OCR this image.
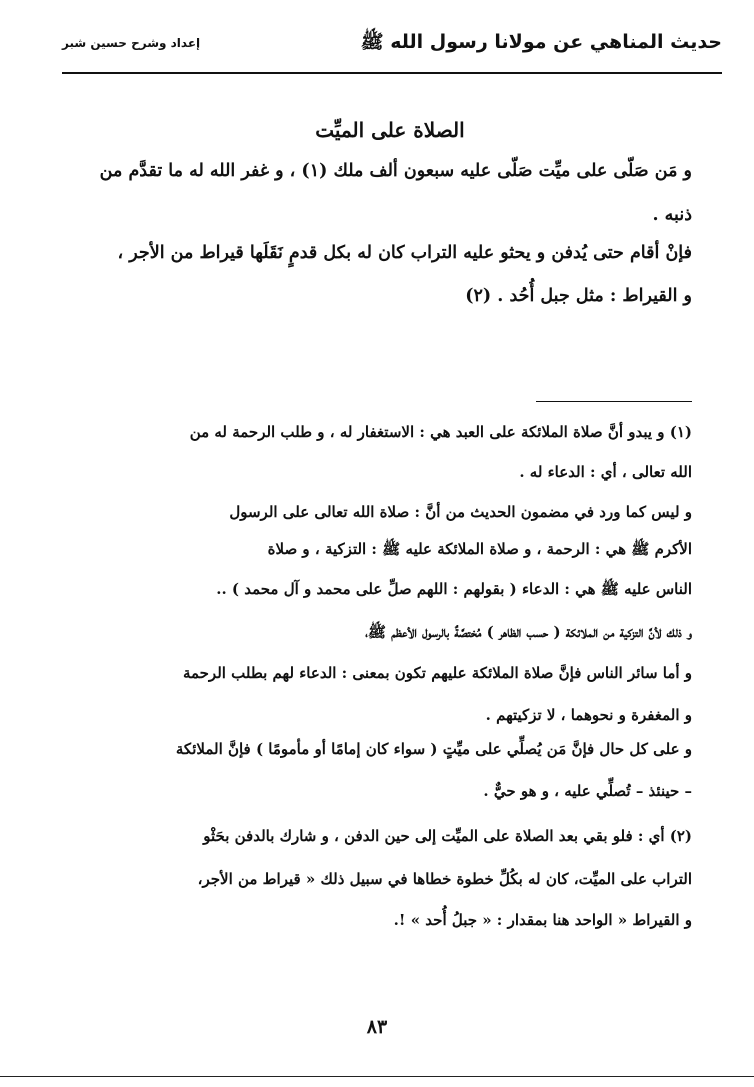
حديث المناهي عن مولانا رسول الله ﷺ
إعداد وشرح حسين شبر
الصلاة على الميِّت
و مَن صَلّى على ميِّت صَلّى عليه سبعون ألف ملك (١) ، و غفر الله له ما تقدَّم من
ذنبه .
فإنْ أقام حتى يُدفن و يحثو عليه التراب كان له بكل قدمٍ نَقَلَها قيراط من الأجر ،
و القيراط : مثل جبل أُحُد . (٢)
(١) و يبدو أنَّ صلاة الملائكة على العبد هي : الاستغفار له ، و طلب الرحمة له من
الله تعالى ، أي : الدعاء له .
و ليس كما ورد في مضمون الحديث من أنَّ : صلاة الله تعالى على الرسول
الأكرم ﷺ هي : الرحمة ، و صلاة الملائكة عليه ﷺ : التزكية ، و صلاة
الناس عليه ﷺ هي : الدعاء ( بقولهم : اللهم صلِّ على محمد و آل محمد ) ..
و ذلك لأنَّ التزكية من الملائكة ( حسب الظاهر ) مُختصَّةٌ بالرسول الأعظم ﷺ،
و أما سائر الناس فإنَّ صلاة الملائكة عليهم تكون بمعنى : الدعاء لهم بطلب الرحمة
و المغفرة و نحوهما ، لا تزكيتهم .
و على كل حال فإنَّ مَن يُصلِّي على ميِّتٍ ( سواء كان إمامًا أو مأمومًا ) فإنَّ الملائكة
– حينئذ – تُصلِّي عليه ، و هو حيٌّ .
(٢) أي : فلو بقي بعد الصلاة على الميِّت إلى حين الدفن ، و شارك بالدفن بحَثْو
التراب على الميِّت، كان له بكُلِّ خطوة خطاها في سبيل ذلك « قيراط من الأجر،
و القيراط « الواحد هنا بمقدار : « جبلُ أُحد » !.
٨٣
